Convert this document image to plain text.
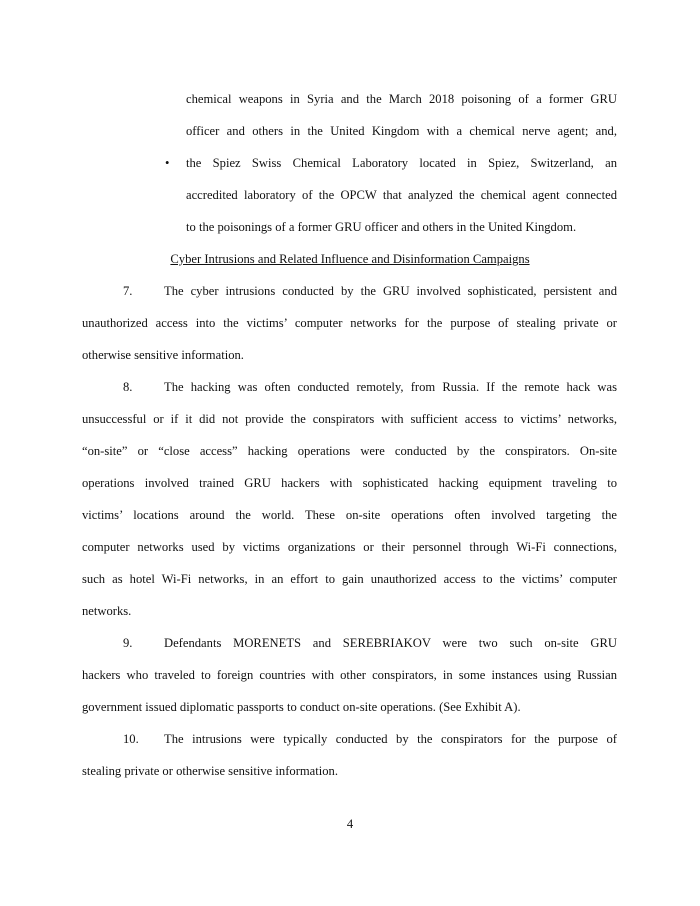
chemical weapons in Syria and the March 2018 poisoning of a former GRU
officer and others in the United Kingdom with a chemical nerve agent; and,
• the Spiez Swiss Chemical Laboratory located in Spiez, Switzerland, an
accredited laboratory of the OPCW that analyzed the chemical agent connected
to the poisonings of a former GRU officer and others in the United Kingdom.
Cyber Intrusions and Related Influence and Disinformation Campaigns
7.	The cyber intrusions conducted by the GRU involved sophisticated, persistent and
unauthorized access into the victims’ computer networks for the purpose of stealing private or
otherwise sensitive information.
8.	The hacking was often conducted remotely, from Russia. If the remote hack was
unsuccessful or if it did not provide the conspirators with sufficient access to victims’ networks,
“on-site” or “close access” hacking operations were conducted by the conspirators. On-site
operations involved trained GRU hackers with sophisticated hacking equipment traveling to
victims’ locations around the world. These on-site operations often involved targeting the
computer networks used by victims organizations or their personnel through Wi-Fi connections,
such as hotel Wi-Fi networks, in an effort to gain unauthorized access to the victims’ computer
networks.
9.	Defendants MORENETS and SEREBRIAKOV were two such on-site GRU
hackers who traveled to foreign countries with other conspirators, in some instances using Russian
government issued diplomatic passports to conduct on-site operations. (See Exhibit A).
10. The intrusions were typically conducted by the conspirators for the purpose of
stealing private or otherwise sensitive information.
4
